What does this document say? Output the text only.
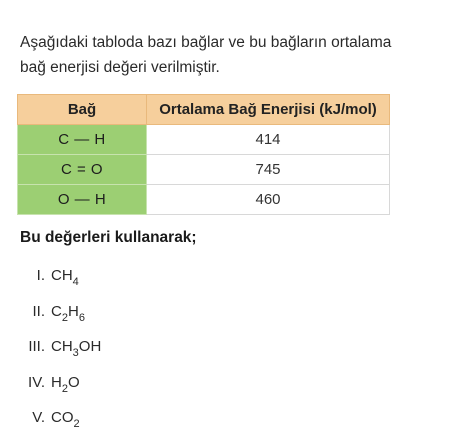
Aşağıdaki tabloda bazı bağlar ve bu bağların ortalama
bağ enerjisi değeri verilmiştir.
Bağ	Ortalama Bağ Enerjisi (kJ/mol)
C — H	414
C = O	745
O — H	460
Bu değerleri kullanarak;
I. $CH_4$
II. $C_2H_6$
III. $CH_3OH$
IV. $H_2O$
V. $CO_2$
